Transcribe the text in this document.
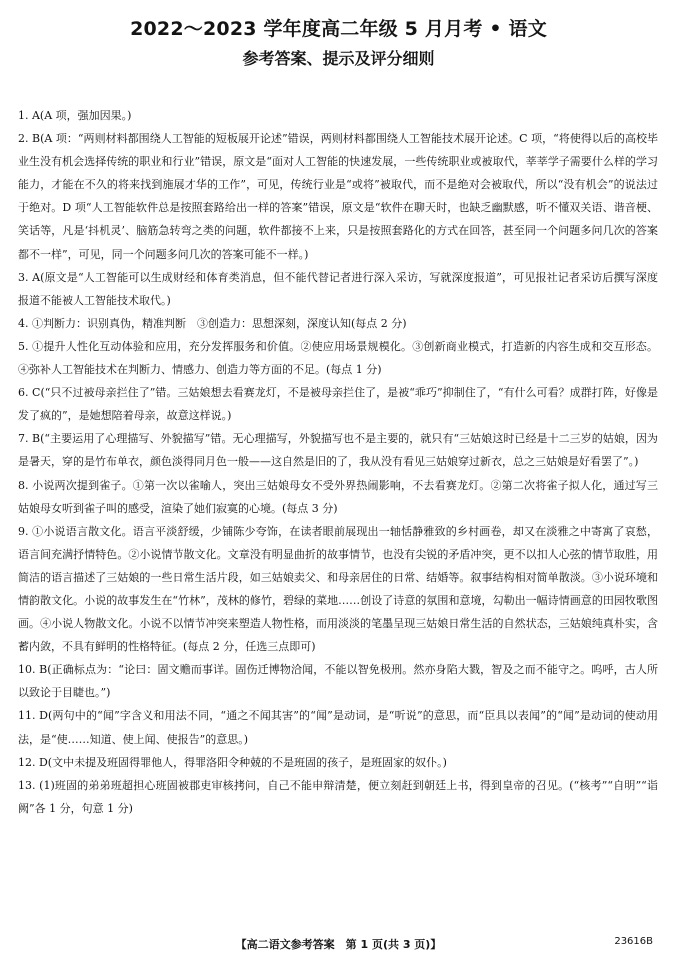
2022～2023 学年度高二年级 5 月月考 • 语文
参考答案、提示及评分细则
1. A(A 项，强加因果。)
2. B(A 项：“两则材料都围绕人工智能的短板展开论述”错误，两则材料都围绕人工智能技术展开论述。C 项，“将使得以后的高校毕业生没有机会选择传统的职业和行业”错误，原文是“面对人工智能的快速发展，一些传统职业或被取代，莘莘学子需要什么样的学习能力，才能在不久的将来找到施展才华的工作”，可见，传统行业是“或将”被取代，而不是绝对会被取代，所以“没有机会”的说法过于绝对。D 项“人工智能软件总是按照套路给出一样的答案”错误，原文是“软件在聊天时，也缺乏幽默感，听不懂双关语、谐音梗、笑话等，凡是‘抖机灵’、脑筋急转弯之类的问题，软件都接不上来，只是按照套路化的方式在回答，甚至同一个问题多问几次的答案都不一样”，可见，同一个问题多问几次的答案可能不一样。)
3. A(原文是“人工智能可以生成财经和体育类消息，但不能代替记者进行深入采访，写就深度报道”，可见报社记者采访后撰写深度报道不能被人工智能技术取代。)
4. ①判断力：识别真伪，精准判断　③创造力：思想深刻，深度认知(每点 2 分)
5. ①提升人性化互动体验和应用，充分发挥服务和价值。②使应用场景规模化。③创新商业模式，打造新的内容生成和交互形态。④弥补人工智能技术在判断力、情感力、创造力等方面的不足。(每点 1 分)
6. C(“只不过被母亲拦住了”错。三姑娘想去看赛龙灯，不是被母亲拦住了，是被“乖巧”抑制住了，“有什么可看？成群打阵，好像是发了疯的”，是她想陪着母亲，故意这样说。)
7. B(“主要运用了心理描写、外貌描写”错。无心理描写，外貌描写也不是主要的，就只有“三姑娘这时已经是十二三岁的姑娘，因为是暑天，穿的是竹布单衣，颜色淡得同月色一般——这自然是旧的了，我从没有看见三姑娘穿过新衣，总之三姑娘是好看罢了”。)
8. 小说两次提到雀子。①第一次以雀喻人，突出三姑娘母女不受外界热闹影响，不去看赛龙灯。②第二次将雀子拟人化，通过写三姑娘母女听到雀子叫的感受，渲染了她们寂寞的心境。(每点 3 分)
9. ①小说语言散文化。语言平淡舒缓，少铺陈少夸饰，在读者眼前展现出一轴恬静雅致的乡村画卷，却又在淡雅之中寄寓了哀愁，语言间充满抒情特色。②小说情节散文化。文章没有明显曲折的故事情节，也没有尖锐的矛盾冲突，更不以扣人心弦的情节取胜，用简洁的语言描述了三姑娘的一些日常生活片段，如三姑娘卖父、和母亲居住的日常、结婚等。叙事结构相对简单散淡。③小说环境和情韵散文化。小说的故事发生在“竹林”，茂林的修竹，碧绿的菜地……创设了诗意的氛围和意境，勾勒出一幅诗情画意的田园牧歌图画。④小说人物散文化。小说不以情节冲突来塑造人物性格，而用淡淡的笔墨呈现三姑娘日常生活的自然状态，三姑娘纯真朴实，含蓄内敛，不具有鲜明的性格特征。(每点 2 分，任选三点即可)
10. B(正确标点为：“论曰：固文赡而事详。固伤迁博物洽闻，不能以智免极刑。然亦身陷大戮，智及之而不能守之。呜呼，古人所以致论于目睫也。”)
11. D(两句中的“闻”字含义和用法不同，“通之不闻其害”的“闻”是动词，是“听说”的意思，而“臣具以表闻”的“闻”是动词的使动用法，是“使……知道、使上闻、使报告”的意思。)
12. D(文中未提及班固得罪他人，得罪洛阳令种兢的不是班固的孩子，是班固家的奴仆。)
13. (1)班固的弟弟班超担心班固被郡吏审核拷问，自己不能申辩清楚，便立刻赶到朝廷上书，得到皇帝的召见。(“核考”“自明”“诣阙”各 1 分，句意 1 分)
【高二语文参考答案　第 1 页(共 3 页)】	23616B
